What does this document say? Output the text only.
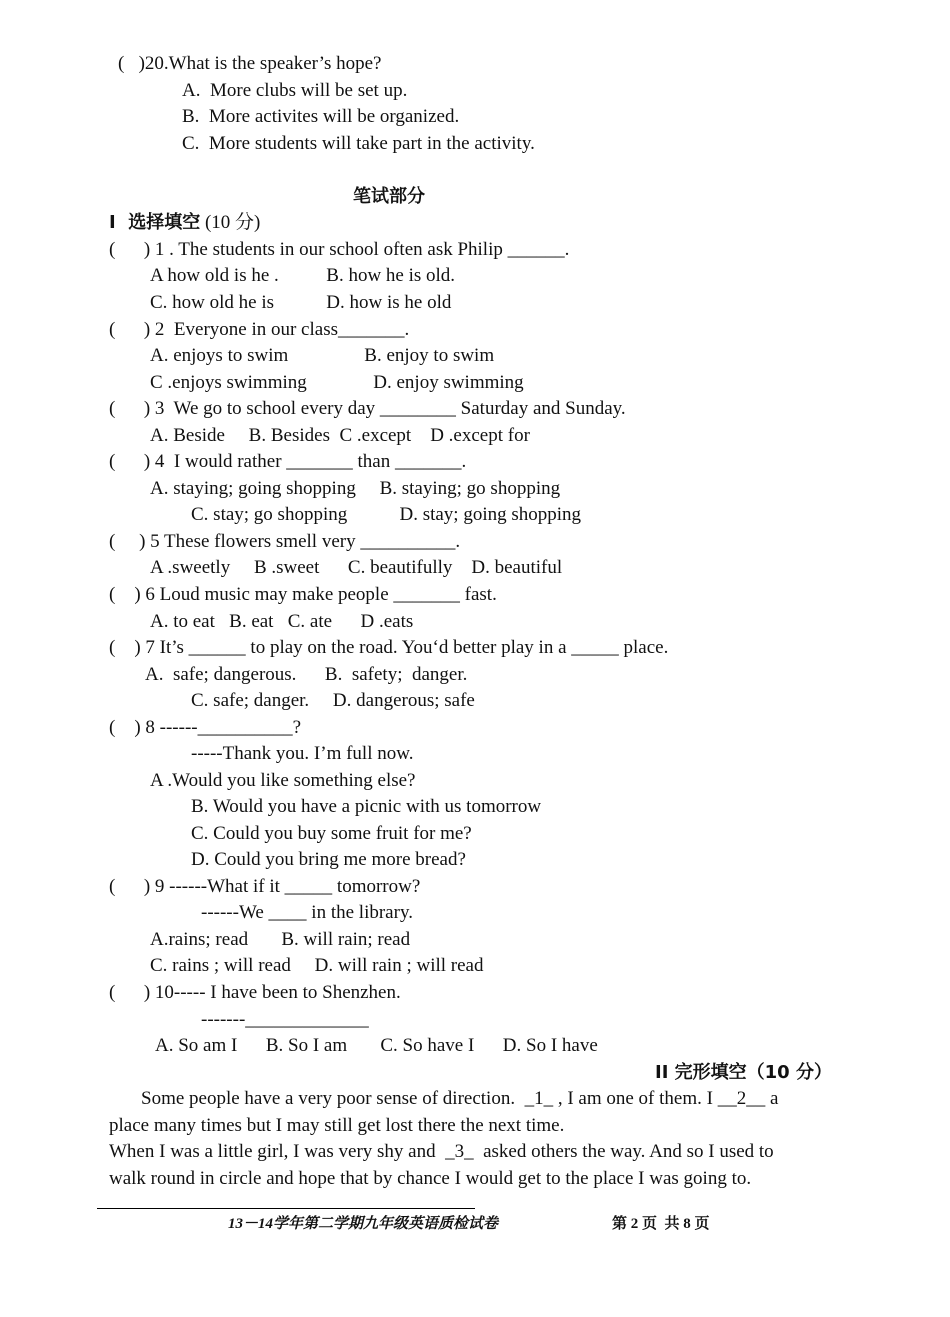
(   )20.What is the speaker’s hope?
A.  More clubs will be set up.
B.  More activites will be organized.
C.  More students will take part in the activity.
笔试部分
I  选择填空 (10 分)
(      ) 1 . The students in our school often ask Philip ______.
A how old is he .          B. how he is old.
C. how old he is           D. how is he old
(      ) 2  Everyone in our class_______.
A. enjoys to swim                B. enjoy to swim
C .enjoys swimming              D. enjoy swimming
(      ) 3  We go to school every day ________ Saturday and Sunday.
A. Beside     B. Besides  C .except    D .except for
(      ) 4  I would rather _______ than _______.
A. staying; going shopping     B. staying; go shopping
C. stay; go shopping           D. stay; going shopping
(     ) 5 These flowers smell very __________.
A .sweetly     B .sweet      C. beautifully    D. beautiful
(    ) 6 Loud music may make people _______ fast.
A. to eat   B. eat   C. ate      D .eats
(    ) 7 It’s ______ to play on the road. You‘d better play in a _____ place.
A.  safe; dangerous.      B.  safety;  danger.
C. safe; danger.     D. dangerous; safe
(    ) 8 ------__________?
-----Thank you. I’m full now.
A .Would you like something else?
B. Would you have a picnic with us tomorrow
C. Could you buy some fruit for me?
D. Could you bring me more bread?
(      ) 9 ------What if it _____ tomorrow?
------We ____ in the library.
A.rains; read       B. will rain; read
C. rains ; will read     D. will rain ; will read
(      ) 10----- I have been to Shenzhen.
-------_____________
A. So am I      B. So I am       C. So have I      D. So I have
II 完形填空（10 分）
Some people have a very poor sense of direction.  _1_ , I am one of them. I __2__ a
place many times but I may still get lost there the next time.
When I was a little girl, I was very shy and  _3_  asked others the way. And so I used to
walk round in circle and hope that by chance I would get to the place I was going to.
13－14学年第二学期九年级英语质检试卷	第 2 页  共 8 页
